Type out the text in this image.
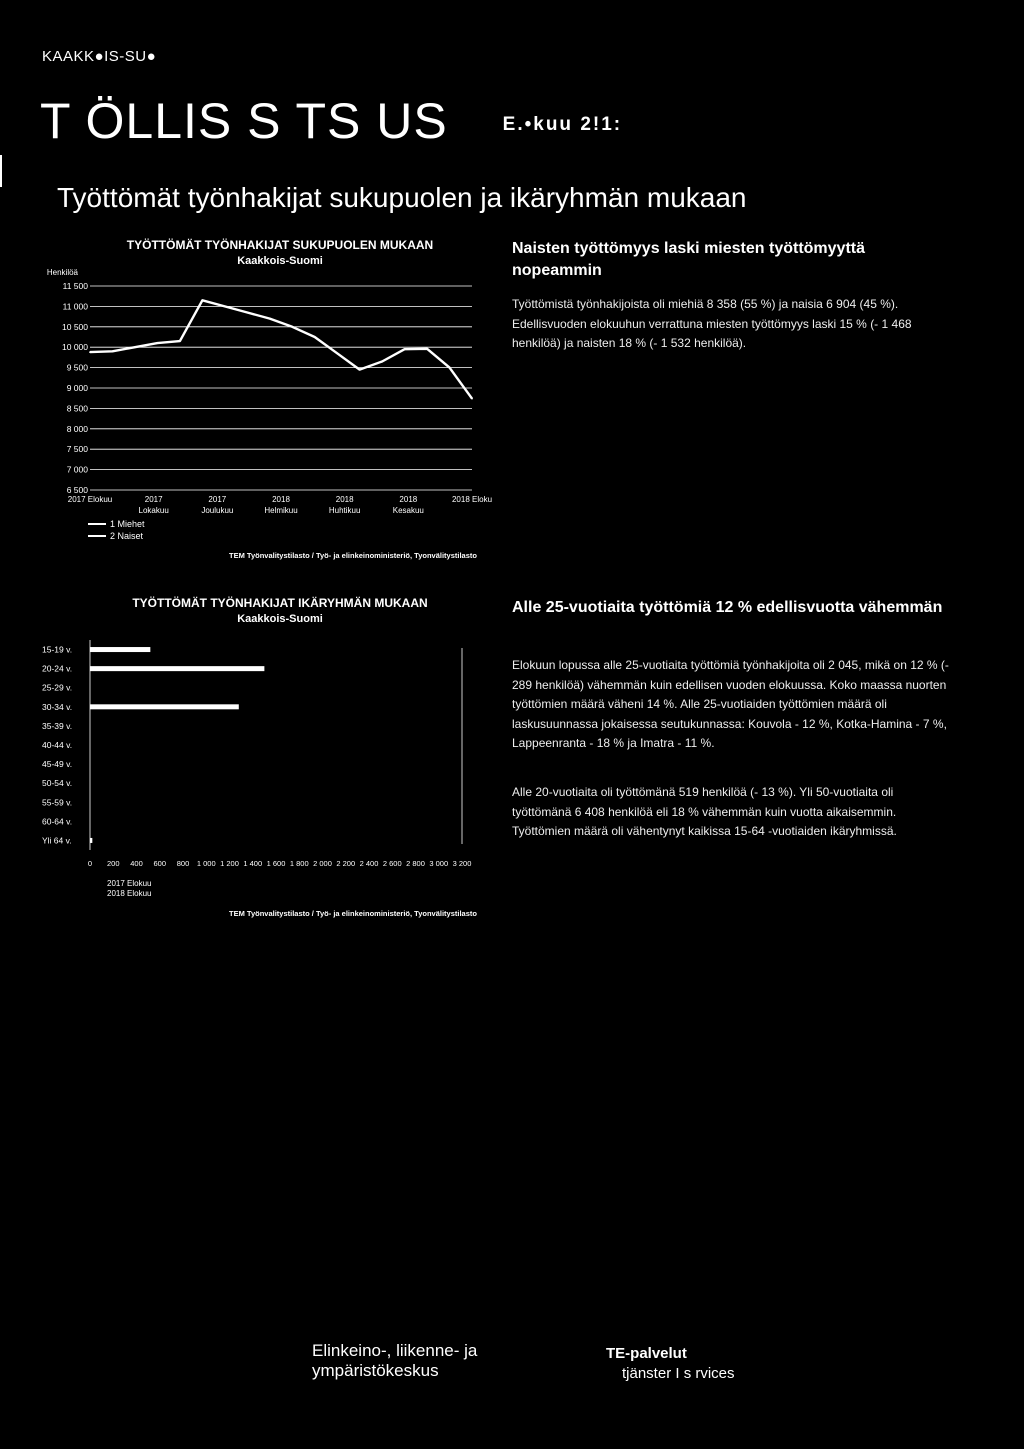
KAAKK●IS-SU●
T ÖLLIS S TS US	E.•kuu 2!1:
Työttömät työnhakijat sukupuolen ja ikäryhmän mukaan
TYÖTTÖMÄT TYÖNHAKIJAT SUKUPUOLEN MUKAAN
Kaakkois-Suomi
Henkilöä
11 500
11 000
10 500
10 000
9 500
9 000
8 500
8 000
7 500
7 000
6 500
2017 Elokuu	2017
Lokakuu
2017
Joulukuu
2018
Helmikuu
2018
Huhtikuu
2018
Kesakuu
2018 Eloku
1 Miehet
2 Naiset
TEM Työnvalitystilasto / Työ- ja elinkeinoministeriö, Tyonvälitystilasto
Naisten työttömyys laski miesten työttömyyttä nopeammin
Työttömistä työnhakijoista oli miehiä 8 358 (55 %) ja naisia 6 904 (45 %). Edellisvuoden elokuuhun verrattuna miesten työttömyys laski 15 % (- 1 468 henkilöä) ja naisten 18 % (- 1 532 henkilöä).
TYÖTTÖMÄT TYÖNHAKIJAT IKÄRYHMÄN MUKAAN
Kaakkois-Suomi
15-19 v.
20-24 v.
25-29 v.
30-34 v.
35-39 v.
40-44 v.
45-49 v.
50-54 v.
55-59 v.
60-64 v.
Yli 64 v.
0 200 400 600 800 1 000 1 200 1 400 1 600 1 800 2 000 2 200 2 400 2 600 2 800 3 000 3 200
2017 Elokuu
2018 Elokuu
TEM Työnvalitystilasto / Työ- ja elinkeinoministeriö, Tyonvälitystilasto
Alle 25-vuotiaita työttömiä 12 % edellisvuotta vähemmän
Elokuun lopussa alle 25-vuotiaita työttömiä työnhakijoita oli 2 045, mikä on 12 % (- 289 henkilöä) vähemmän kuin edellisen vuoden elokuussa. Koko maassa nuorten työttömien määrä väheni 14 %. Alle 25-vuotiaiden työttömien määrä oli laskusuunnassa jokaisessa seutukunnassa: Kouvola - 12 %, Kotka-Hamina - 7 %, Lappeenranta - 18 % ja Imatra - 11 %.
Alle 20-vuotiaita oli työttömänä 519 henkilöä (- 13 %). Yli 50-vuotiaita oli työttömänä 6 408 henkilöä eli 18 % vähemmän kuin vuotta aikaisemmin. Työttömien määrä oli vähentynyt kaikissa 15-64 -vuotiaiden ikäryhmissä.
Elinkeino-, liikenne- ja
ympäristökeskus
TE-palvelut
tjänster I s rvices
